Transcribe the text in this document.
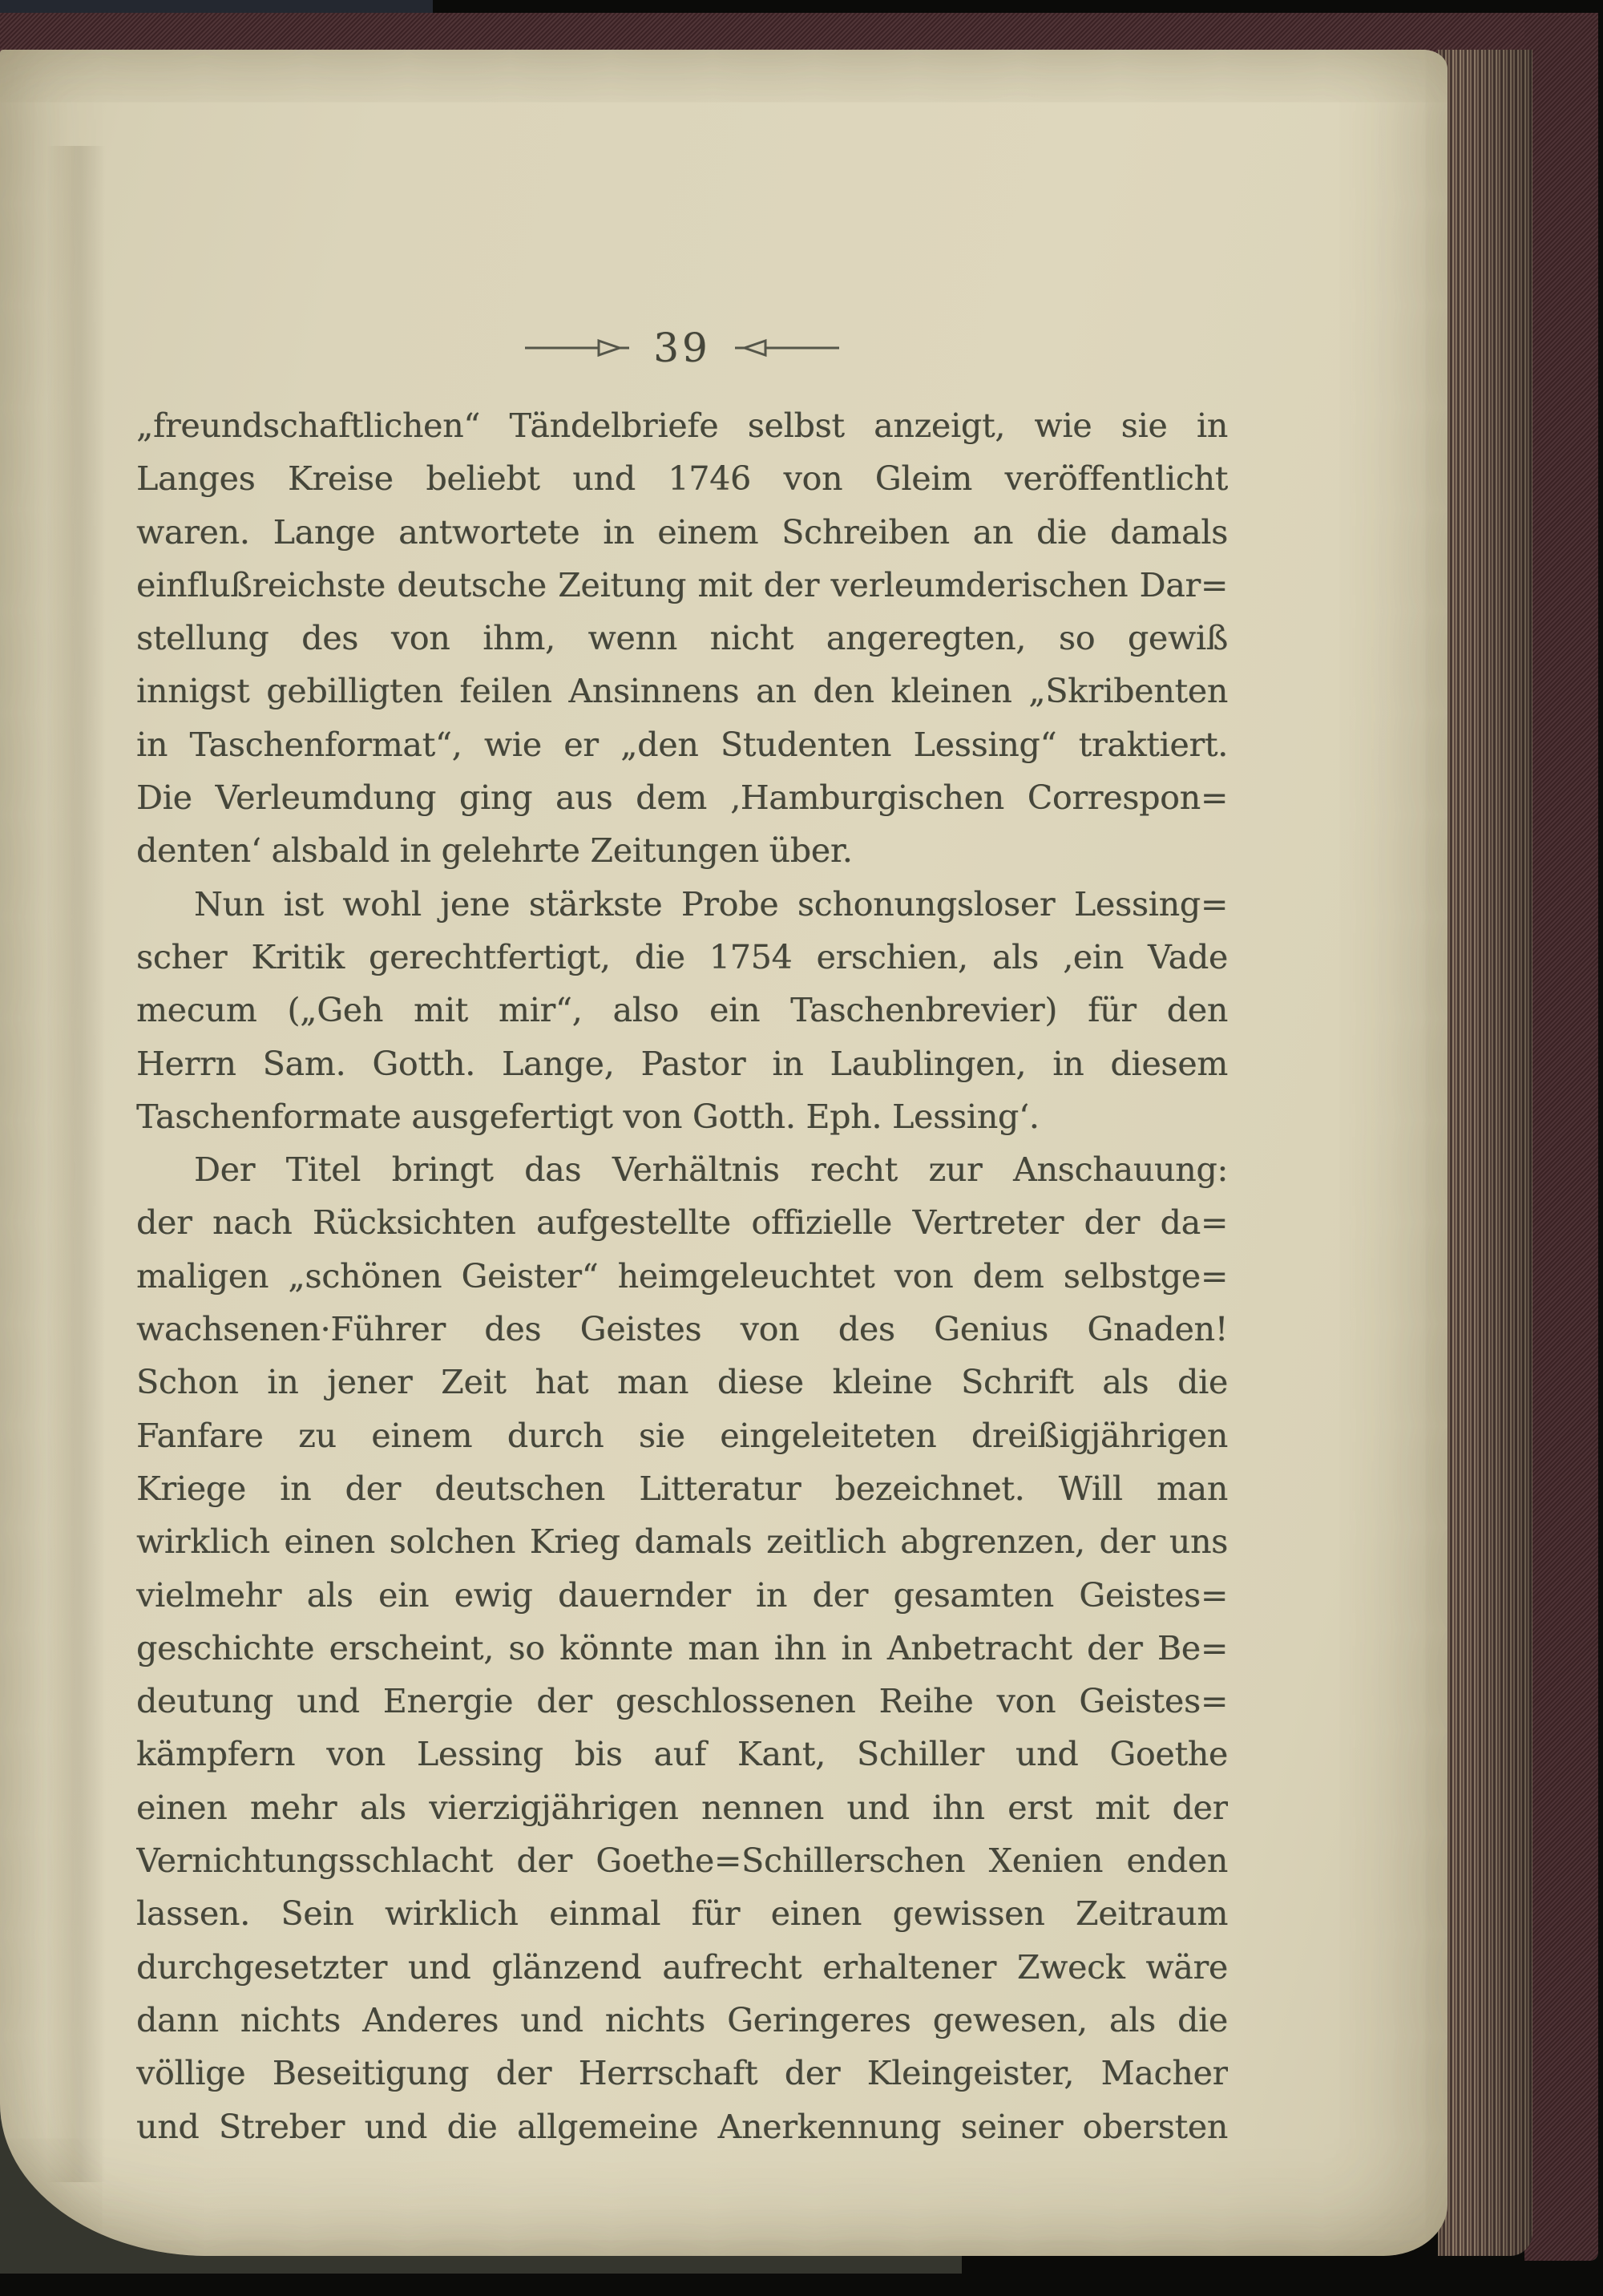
39
„freundschaftlichen“ Tändelbriefe selbst anzeigt, wie sie in
Langes Kreise beliebt und 1746 von Gleim veröffentlicht
waren. Lange antwortete in einem Schreiben an die damals
einflußreichste deutsche Zeitung mit der verleumderischen Dar=
stellung des von ihm, wenn nicht angeregten, so gewiß
innigst gebilligten feilen Ansinnens an den kleinen „Skribenten
in Taschenformat“, wie er „den Studenten Lessing“ traktiert.
Die Verleumdung ging aus dem ‚Hamburgischen Correspon=
denten‘ alsbald in gelehrte Zeitungen über.
Nun ist wohl jene stärkste Probe schonungsloser Lessing=
scher Kritik gerechtfertigt, die 1754 erschien, als ‚ein Vade
mecum („Geh mit mir“, also ein Taschenbrevier) für den
Herrn Sam. Gotth. Lange, Pastor in Laublingen, in diesem
Taschenformate ausgefertigt von Gotth. Eph. Lessing‘.
Der Titel bringt das Verhältnis recht zur Anschauung:
der nach Rücksichten aufgestellte offizielle Vertreter der da=
maligen „schönen Geister“ heimgeleuchtet von dem selbstge=
wachsenen·Führer des Geistes von des Genius Gnaden!
Schon in jener Zeit hat man diese kleine Schrift als die
Fanfare zu einem durch sie eingeleiteten dreißigjährigen
Kriege in der deutschen Litteratur bezeichnet. Will man
wirklich einen solchen Krieg damals zeitlich abgrenzen, der uns
vielmehr als ein ewig dauernder in der gesamten Geistes=
geschichte erscheint, so könnte man ihn in Anbetracht der Be=
deutung und Energie der geschlossenen Reihe von Geistes=
kämpfern von Lessing bis auf Kant, Schiller und Goethe
einen mehr als vierzigjährigen nennen und ihn erst mit der
Vernichtungsschlacht der Goethe=Schillerschen Xenien enden
lassen. Sein wirklich einmal für einen gewissen Zeitraum
durchgesetzter und glänzend aufrecht erhaltener Zweck wäre
dann nichts Anderes und nichts Geringeres gewesen, als die
völlige Beseitigung der Herrschaft der Kleingeister, Macher
und Streber und die allgemeine Anerkennung seiner obersten
